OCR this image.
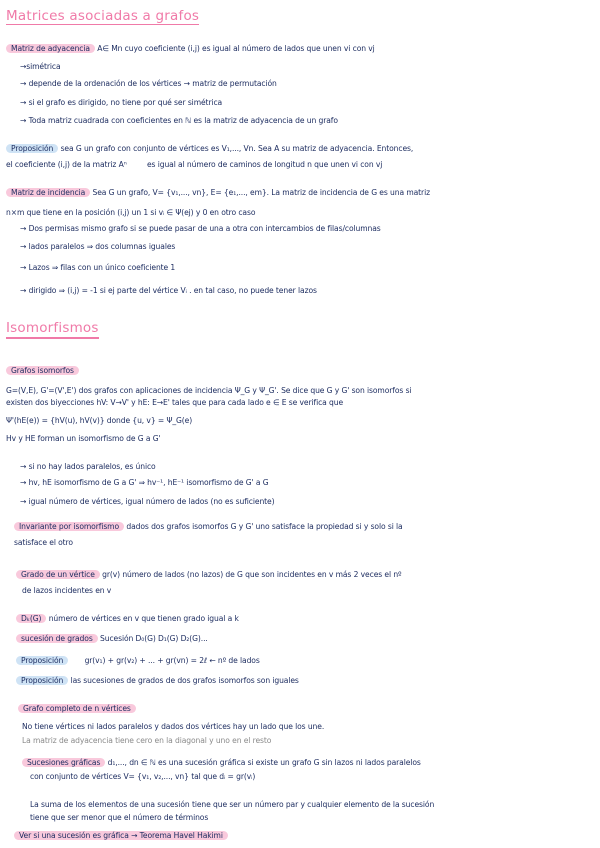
Matrices asociadas a grafos
Matriz de adyacencia A∈ Mn cuyo coeficiente (i,j) es igual al número de lados que unen vi con vj
→simétrica
→ depende de la ordenación de los vértices → matriz de permutación
→ si el grafo es dirigido, no tiene por qué ser simétrica
→ Toda matriz cuadrada con coeficientes en ℕ es la matriz de adyacencia de un grafo
Proposición sea G un grafo con conjunto de vértices es V₁,..., Vn. Sea A su matriz de adyacencia. Entonces,
el coeficiente (i,j) de la matriz Aⁿ	es igual al número de caminos de longitud n que unen vi con vj
Matriz de incidencia Sea G un grafo, V= {v₁,..., vn}, E= {e₁,..., em}. La matriz de incidencia de G es una matriz
n×m que tiene en la posición (i,j) un 1 si vᵢ ∈ Ψ(ej) y 0 en otro caso
→ Dos permisas mismo grafo si se puede pasar de una a otra con intercambios de filas/columnas
→ lados paralelos ⇒ dos columnas iguales
→ Lazos ⇒ filas con un único coeficiente 1
→ dirigido ⇒ (i,j) = -1 si ej parte del vértice Vᵢ . en tal caso, no puede tener lazos
Isomorfismos
Grafos isomorfos
G=(V,E), G'=(V',E') dos grafos con aplicaciones de incidencia Ψ_G y Ψ_G'. Se dice que G y G' son isomorfos si
existen dos biyecciones hV: V→V' y hE: E→E' tales que para cada lado e ∈ E se verifica que
Ψ'(hE(e)) = {hV(u), hV(v)} donde {u, v} = Ψ_G(e)
Hv y HE forman un isomorfismo de G a G'
→ si no hay lados paralelos, es único
→ hv, hE isomorfismo de G a G' ⇒ hv⁻¹, hE⁻¹ isomorfismo de G' a G
→ igual número de vértices, igual número de lados (no es suficiente)
Invariante por isomorfismo dados dos grafos isomorfos G y G' uno satisface la propiedad si y solo si la
satisface el otro
Grado de un vértice gr(v) número de lados (no lazos) de G que son incidentes en v más 2 veces el nº
de lazos incidentes en v
Dₖ(G) número de vértices en v que tienen grado igual a k
sucesión de grados Sucesión D₀(G) D₁(G) D₂(G)...
Proposición	gr(v₁) + gr(v₂) + ... + gr(vn) = 2ℓ ← nº de lados
Proposición las sucesiones de grados de dos grafos isomorfos son iguales
Grafo completo de n vértices
No tiene vértices ni lados paralelos y dados dos vértices hay un lado que los une.
La matriz de adyacencia tiene cero en la diagonal y uno en el resto
Sucesiones gráficas d₁,..., dn ∈ ℕ es una sucesión gráfica si existe un grafo G sin lazos ni lados paralelos
con conjunto de vértices V= {v₁, v₂,..., vn} tal que dᵢ = gr(vᵢ)
La suma de los elementos de una sucesión tiene que ser un número par y cualquier elemento de la sucesión
tiene que ser menor que el número de términos
Ver si una sucesión es gráfica → Teorema Havel Hakimi
